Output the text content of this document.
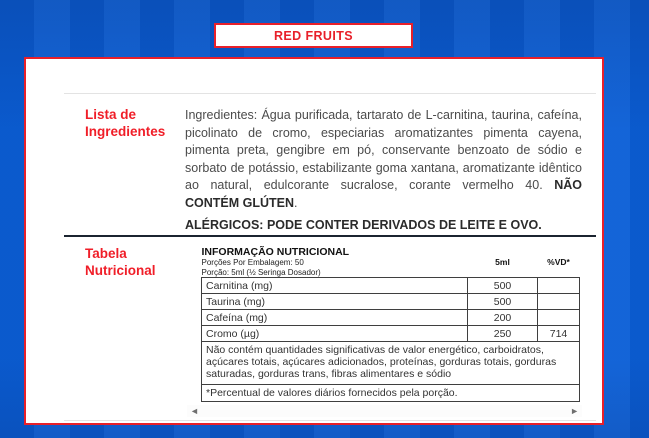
RED FRUITS
Lista de Ingredientes

Ingredientes: Água purificada, tartarato de L-carnitina, taurina, cafeína, picolinato de cromo, especiarias aromatizantes pimenta cayena, pimenta preta, gengibre em pó, conservante benzoato de sódio e sorbato de potássio, estabilizante goma xantana, aromatizante idêntico ao natural, edulcorante sucralose, corante vermelho 40. NÃO CONTÉM GLÚTEN.

ALÉRGICOS: PODE CONTER DERIVADOS DE LEITE E OVO.

Tabela Nutricional
INFORMAÇÃO NUTRICIONAL
Porções Por Embalagem: 50
Porção: 5ml (½ Seringa Dosador)	5ml	%VD*
Carnitina (mg)	500	
Taurina (mg)	500	
Cafeína (mg)	200	
Cromo (µg)	250	714
Não contém quantidades significativas de valor energético, carboidratos, açúcares totais, açúcares adicionados, proteínas, gorduras totais, gorduras saturadas, gorduras trans, fibras alimentares e sódio		
*Percentual de valores diários fornecidos pela porção.		
◄	►
